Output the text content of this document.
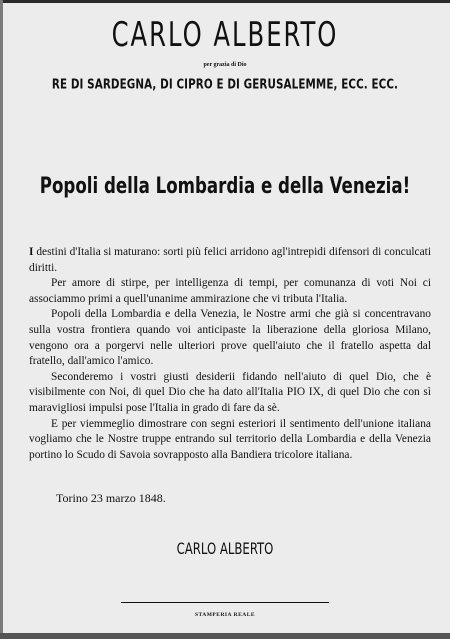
CARLO ALBERTO
per grazia di Dio
RE DI SARDEGNA, DI CIPRO E DI GERUSALEMME, ECC. ECC.
Popoli della Lombardia e della Venezia!

I destini d'Italia si maturano: sorti più felici arridono agl'intrepidi difensori di conculcati diritti.

Per amore di stirpe, per intelligenza di tempi, per comunanza di voti Noi ci associammo primi a quell'unanime ammirazione che vi tributa l'Italia.

Popoli della Lombardia e della Venezia, le Nostre armi che già si concentravano sulla vostra frontiera quando voi anticipaste la liberazione della gloriosa Milano, vengono ora a porgervi nelle ulteriori prove quell'aiuto che il fratello aspetta dal fratello, dall'amico l'amico.

Seconderemo i vostri giusti desiderii fidando nell'aiuto di quel Dio, che è visibilmente con Noi, di quel Dio che ha dato all'Italia PIO IX, di quel Dio che con sì maravigliosi impulsi pose l'Italia in grado di fare da sè.

E per viemmeglio dimostrare con segni esteriori il sentimento dell'unione italiana vogliamo che le Nostre truppe entrando sul territorio della Lombardia e della Venezia portino lo Scudo di Savoia sovrapposto alla Bandiera tricolore italiana.

Torino 23 marzo 1848.
CARLO ALBERTO
STAMPERIA REALE
